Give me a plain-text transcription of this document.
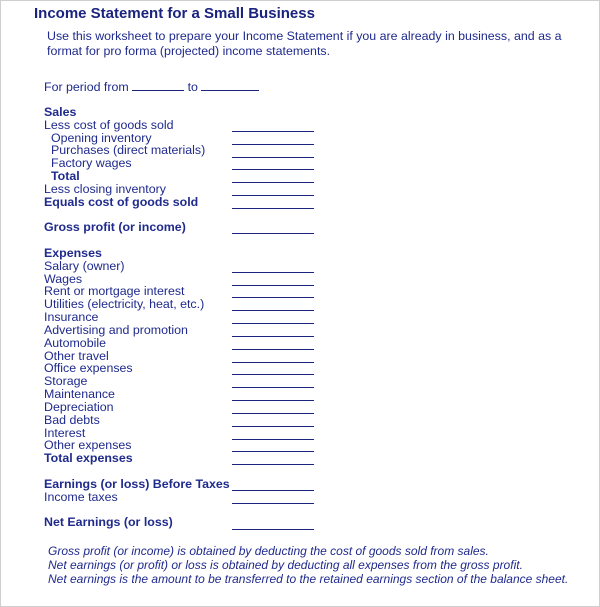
Income Statement for a Small Business
Use this worksheet to prepare your Income Statement if you are already in business, and as a format for pro forma (projected) income statements.
For period from	to
Sales
Less cost of goods sold
Opening inventory
Purchases (direct materials)
Factory wages
Total
Less closing inventory
Equals cost of goods sold
Gross profit (or income)
Expenses
Salary (owner)
Wages
Rent or mortgage interest
Utilities (electricity, heat, etc.)
Insurance
Advertising and promotion
Automobile
Other travel
Office expenses
Storage
Maintenance
Depreciation
Bad debts
Interest
Other expenses
Total expenses
Earnings (or loss) Before Taxes
Income taxes
Net Earnings (or loss)
Gross profit (or income) is obtained by deducting the cost of goods sold from sales.
Net earnings (or profit) or loss is obtained by deducting all expenses from the gross profit.
Net earnings is the amount to be transferred to the retained earnings section of the balance sheet.
